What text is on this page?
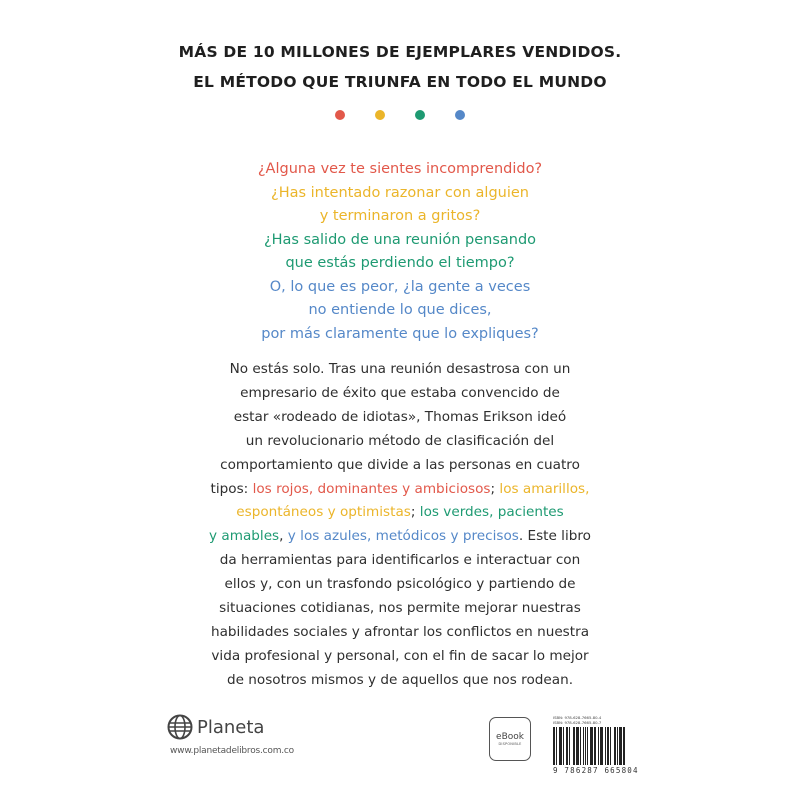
MÁS DE 10 MILLONES DE EJEMPLARES VENDIDOS.
EL MÉTODO QUE TRIUNFA EN TODO EL MUNDO
¿Alguna vez te sientes incomprendido?
¿Has intentado razonar con alguien
y terminaron a gritos?
¿Has salido de una reunión pensando
que estás perdiendo el tiempo?
O, lo que es peor, ¿la gente a veces
no entiende lo que dices,
por más claramente que lo expliques?
No estás solo. Tras una reunión desastrosa con un
empresario de éxito que estaba convencido de
estar «rodeado de idiotas», Thomas Erikson ideó
un revolucionario método de clasificación del
comportamiento que divide a las personas en cuatro
tipos: los rojos, dominantes y ambiciosos; los amarillos,
espontáneos y optimistas; los verdes, pacientes
y amables, y los azules, metódicos y precisos. Este libro
da herramientas para identificarlos e interactuar con
ellos y, con un trasfondo psicológico y partiendo de
situaciones cotidianas, nos permite mejorar nuestras
habilidades sociales y afrontar los conflictos en nuestra
vida profesional y personal, con el fin de sacar lo mejor
de nosotros mismos y de aquellos que nos rodean.
Planeta
www.planetadelibros.com.co
eBook
DISPONIBLE
ISBN: 978-628-7665-80-4
ISBN: 978-628-7665-80-7
9 786287 665804
